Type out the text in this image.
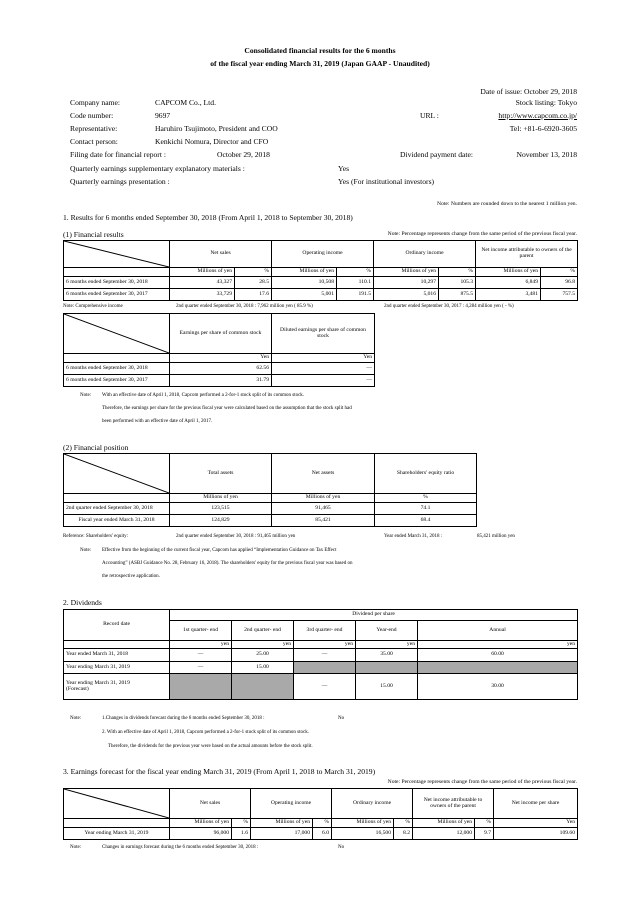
Consolidated financial results for the 6 months
of the fiscal year ending March 31, 2019 (Japan GAAP - Unaudited)
Date of issue: October 29, 2018
Company name:	CAPCOM Co., Ltd.	Stock listing: Tokyo
Code number:	9697	URL :	http://www.capcom.co.jp/
Representative:	Haruhiro Tsujimoto, President and COO	Tel: +81-6-6920-3605
Contact person:	Kenkichi Nomura, Director and CFO
Filing date for financial report :	October 29, 2018	Dividend payment date:	November 13, 2018
Quarterly earnings supplementary explanatory materials :	Yes
Quarterly earnings presentation :	Yes (For institutional investors)
Note: Numbers are rounded down to the nearest 1 million yen.
1. Results for 6 months ended September 30, 2018 (From April 1, 2018 to September 30, 2018)
(1) Financial results	Note: Percentage represents change from the same period of the previous fiscal year.
	Net sales		Operating income		Ordinary income		Net income attributable to owners of the parent	
	Millions of yen	%	Millions of yen	%	Millions of yen	%	Millions of yen	%
6 months ended September 30, 2018	43,327	28.5	10,508	110.1	10,297	105.3	6,849	96.8
6 months ended September 30, 2017	33,729	17.6	5,001	191.5	5,016	875.5	3,481	757.5
Note: Comprehensive income	2nd quarter ended September 30, 2018 : 7,962 million yen ( 85.9 %)	2nd quarter ended September 30, 2017 : 4,284 million yen ( - %)
	Earnings per share of common stock	Diluted earnings per share of common stock
	Yen	Yen
6 months ended September 30, 2018	62.56	―
6 months ended September 30, 2017	31.79	―
Note: With an effective date of April 1, 2018, Capcom performed a 2-for-1 stock split of its common stock.
Therefore, the earnings per share for the previous fiscal year were calculated based on the assumption that the stock split had
been performed with an effective date of April 1, 2017.
(2) Financial position
	Total assets	Net assets	Shareholders' equity ratio
	Millions of yen	Millions of yen	%
2nd quarter ended September 30, 2018	123,515	91,465	74.1
Fiscal year ended March 31, 2018	124,829	85,421	68.4
Reference: Shareholders' equity:	2nd quarter ended September 30, 2018 : 91,465 million yen	Year ended March 31, 2018 :	85,421 million yen
Note: Effective from the beginning of the current fiscal year, Capcom has applied “Implementation Guidance on Tax Effect
Accounting” (ASBJ Guidance No. 28, February 16, 2018). The shareholders' equity for the previous fiscal year was based on
the retrospective application.
2. Dividends
Record date	Dividend per share				
	1st quarter- end	2nd quarter- end	3rd quarter- end	Year-end	Annual
	yen	yen	yen	yen	yen
Year ended March 31, 2018	―	25.00	―	35.00	60.00
Year ending March 31, 2019	―	15.00			

Year ending March 31, 2019
(Forecast)			―	15.00	30.00
Note:	1.Changes in dividends forecast during the 6 months ended September 30, 2018 :	No
2. With an effective date of April 1, 2018, Capcom performed a 2-for-1 stock split of its common stock.
Therefore, the dividends for the previous year were based on the actual amounts before the stock split.
3. Earnings forecast for the fiscal year ending March 31, 2019 (From April 1, 2018 to March 31, 2019)
Note: Percentage represents change from the same period of the previous fiscal year.
	Net sales		Operating income		Ordinary income		Net income attributable to owners of the parent		Net income per share
	Millions of yen	%	Millions of yen	%	Millions of yen	%	Millions of yen	%	Yen
Year ending March 31, 2019	96,000	1.6	17,000	6.0	16,500	8.2	12,000	9.7	109.60
Note:	Changes in earnings forecast during the 6 months ended September 30, 2018 :	No
